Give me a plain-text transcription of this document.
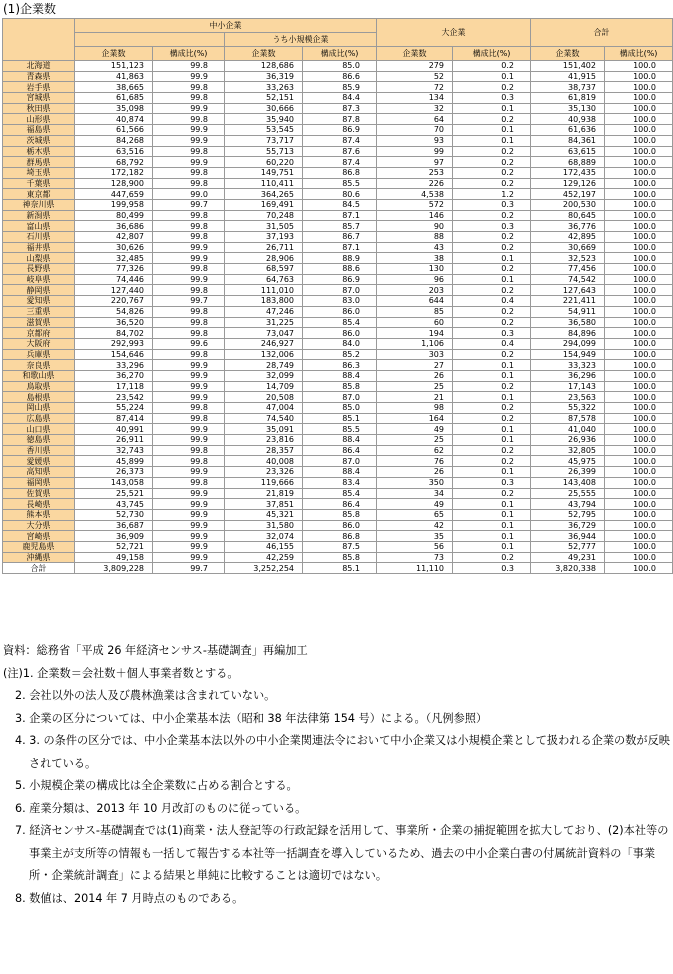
(1)企業数
	中小企業				大企業		合計	
			うち小規模企業					
	企業数	構成比(%)	企業数	構成比(%)	企業数	構成比(%)	企業数	構成比(%)
北海道	151,123	99.8	128,686	85.0	279	0.2	151,402	100.0
青森県	41,863	99.9	36,319	86.6	52	0.1	41,915	100.0
岩手県	38,665	99.8	33,263	85.9	72	0.2	38,737	100.0
宮城県	61,685	99.8	52,151	84.4	134	0.3	61,819	100.0
秋田県	35,098	99.9	30,666	87.3	32	0.1	35,130	100.0
山形県	40,874	99.8	35,940	87.8	64	0.2	40,938	100.0
福島県	61,566	99.9	53,545	86.9	70	0.1	61,636	100.0
茨城県	84,268	99.9	73,717	87.4	93	0.1	84,361	100.0
栃木県	63,516	99.8	55,713	87.6	99	0.2	63,615	100.0
群馬県	68,792	99.9	60,220	87.4	97	0.2	68,889	100.0
埼玉県	172,182	99.8	149,751	86.8	253	0.2	172,435	100.0
千葉県	128,900	99.8	110,411	85.5	226	0.2	129,126	100.0
東京都	447,659	99.0	364,265	80.6	4,538	1.2	452,197	100.0
神奈川県	199,958	99.7	169,491	84.5	572	0.3	200,530	100.0
新潟県	80,499	99.8	70,248	87.1	146	0.2	80,645	100.0
富山県	36,686	99.8	31,505	85.7	90	0.3	36,776	100.0
石川県	42,807	99.8	37,193	86.7	88	0.2	42,895	100.0
福井県	30,626	99.9	26,711	87.1	43	0.2	30,669	100.0
山梨県	32,485	99.9	28,906	88.9	38	0.1	32,523	100.0
長野県	77,326	99.8	68,597	88.6	130	0.2	77,456	100.0
岐阜県	74,446	99.9	64,763	86.9	96	0.1	74,542	100.0
静岡県	127,440	99.8	111,010	87.0	203	0.2	127,643	100.0
愛知県	220,767	99.7	183,800	83.0	644	0.4	221,411	100.0
三重県	54,826	99.8	47,246	86.0	85	0.2	54,911	100.0
滋賀県	36,520	99.8	31,225	85.4	60	0.2	36,580	100.0
京都府	84,702	99.8	73,047	86.0	194	0.3	84,896	100.0
大阪府	292,993	99.6	246,927	84.0	1,106	0.4	294,099	100.0
兵庫県	154,646	99.8	132,006	85.2	303	0.2	154,949	100.0
奈良県	33,296	99.9	28,749	86.3	27	0.1	33,323	100.0
和歌山県	36,270	99.9	32,099	88.4	26	0.1	36,296	100.0
鳥取県	17,118	99.9	14,709	85.8	25	0.2	17,143	100.0
島根県	23,542	99.9	20,508	87.0	21	0.1	23,563	100.0
岡山県	55,224	99.8	47,004	85.0	98	0.2	55,322	100.0
広島県	87,414	99.8	74,540	85.1	164	0.2	87,578	100.0
山口県	40,991	99.9	35,091	85.5	49	0.1	41,040	100.0
徳島県	26,911	99.9	23,816	88.4	25	0.1	26,936	100.0
香川県	32,743	99.8	28,357	86.4	62	0.2	32,805	100.0
愛媛県	45,899	99.8	40,008	87.0	76	0.2	45,975	100.0
高知県	26,373	99.9	23,326	88.4	26	0.1	26,399	100.0
福岡県	143,058	99.8	119,666	83.4	350	0.3	143,408	100.0
佐賀県	25,521	99.9	21,819	85.4	34	0.2	25,555	100.0
長崎県	43,745	99.9	37,851	86.4	49	0.1	43,794	100.0
熊本県	52,730	99.9	45,321	85.8	65	0.1	52,795	100.0
大分県	36,687	99.9	31,580	86.0	42	0.1	36,729	100.0
宮崎県	36,909	99.9	32,074	86.8	35	0.1	36,944	100.0
鹿児島県	52,721	99.9	46,155	87.5	56	0.1	52,777	100.0
沖縄県	49,158	99.9	42,259	85.8	73	0.2	49,231	100.0
合計	3,809,228	99.7	3,252,254	85.1	11,110	0.3	3,820,338	100.0
資料：総務省「平成 26 年経済センサス-基礎調査」再編加工
(注)1. 企業数＝会社数＋個人事業者数とする。
2. 会社以外の法人及び農林漁業は含まれていない。
3. 企業の区分については、中小企業基本法（昭和 38 年法律第 154 号）による。（凡例参照）
4. 3. の条件の区分では、中小企業基本法以外の中小企業関連法令において中小企業又は小規模企業として扱われる企業の数が反映されている。
5. 小規模企業の構成比は全企業数に占める割合とする。
6. 産業分類は、2013 年 10 月改訂のものに従っている。
7. 経済センサス-基礎調査では(1)商業・法人登記等の行政記録を活用して、事業所・企業の捕捉範囲を拡大しており、(2)本社等の事業主が支所等の情報も一括して報告する本社等一括調査を導入しているため、過去の中小企業白書の付属統計資料の「事業所・企業統計調査」による結果と単純に比較することは適切ではない。
8. 数値は、2014 年 7 月時点のものである。
